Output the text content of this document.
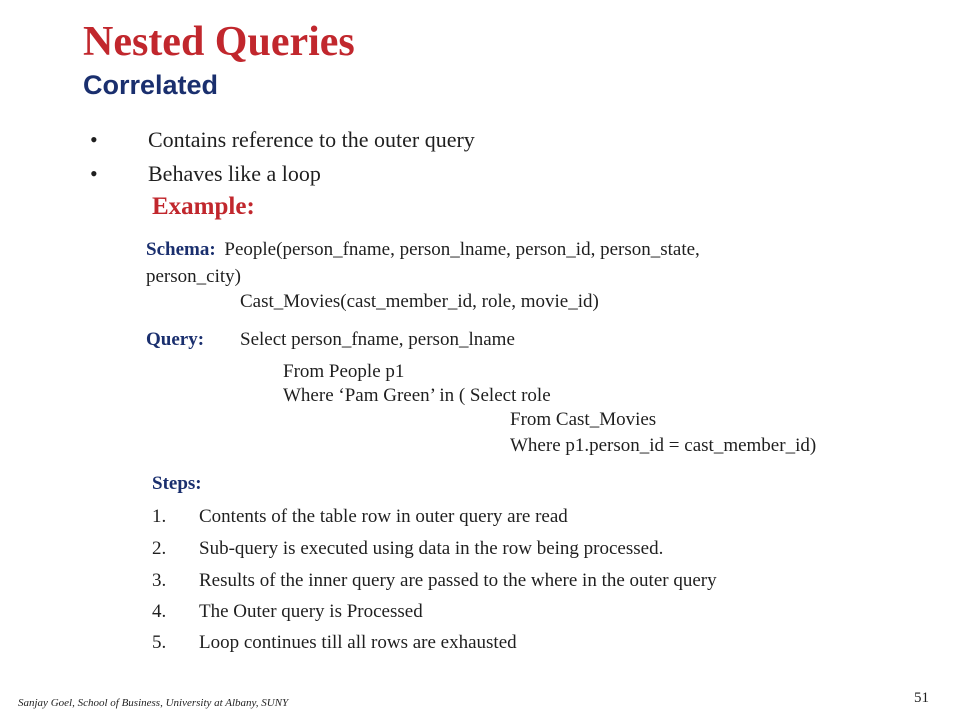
Nested Queries
Correlated
• Contains reference to the outer query
• Behaves like a loop
Example:
Schema: People(person_fname, person_lname, person_id, person_state,
person_city)
Cast_Movies(cast_member_id, role, movie_id)
Query: Select person_fname, person_lname
From People p1
Where ‘Pam Green’ in ( Select role
From Cast_Movies
Where p1.person_id = cast_member_id)
Steps:
1. Contents of the table row in outer query are read
2. Sub-query is executed using data in the row being processed.
3. Results of the inner query are passed to the where in the outer query
4. The Outer query is Processed
5. Loop continues till all rows are exhausted
Sanjay Goel, School of Business, University at Albany, SUNY	51
